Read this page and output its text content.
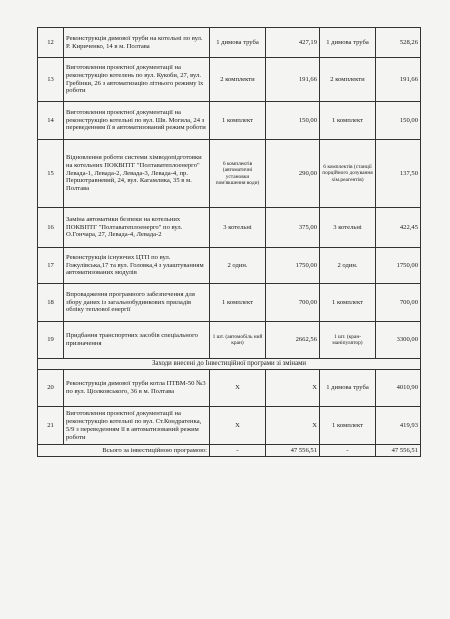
12	Реконструкція димової труби на котельні по вул. Р. Кириченко, 14 в м. Полтава	1 димова труба	427,19	1 димова труба	528,26
13	Виготовлення проектної документації на реконструкцію котелень по вул. Кукоби, 27, вул. Гребінки, 26 з автоматизацію літнього режиму їх роботи	2 комплекти	191,66	2 комплекти	191,66
14	Виготовлення проектної документації на реконструкцію котельні по вул. Шв. Могила, 24 з переведенням її в автоматизований режим роботи	1 комплект	150,00	1 комплект	150,00
15	Відновлення роботи системи хімводопідготовки на котельних ПОКВПТГ "Полтаватеплоенерго" Левада-1, Левада-2, Левада-3, Левада-4, пр. Першотравневий, 24, вул. Кагамлика, 35 в м. Полтава	6 комплектів (автоматичні установки пом'якшення води)	290,00	6 комплектів (станції порційного дозування хім.реагентів)	137,50
16	Заміна автоматики безпеки на котельних ПОКВПТГ "Полтаватеплоенерго" по вул. О.Гончара, 27, Левада-4, Левада-2	3 котельні	375,00	3 котельні	422,45
17	Реконструкція існуючих ЦТП по вул. Гожулівська,17 та вул. Головка,4 з улаштуванням автоматизованих модулів	2 один.	1750,00	2 один.	1750,00
18	Впровадження програмного забезпечення для збору даних із загальнобудинкових приладів обліку теплової енергії	1 комплект	700,00	1 комплект	700,00
19	Придбання транспортних засобів спеціального призначення	1 шт. (автомобіль ний кран)	2662,56	1 шт. (кран-маніпулятор)	3300,00
Заходи внесені до Інвестиційної програми зі змінами					
20	Реконструкція димової труби котла ПТВМ-50 №3 по вул. Ціолковського, 36 в м. Полтава	Х	Х	1 димова труба	4010,90
21	Виготовлення проектної документації на реконструкцію котельні по вул. Ст.Кондратенка, 5/9 з переведенням її в автоматизований режим роботи	Х	Х	1 комплект	419,93
Всього за інвестиційною програмою:		-	47 556,51	-	47 556,51
